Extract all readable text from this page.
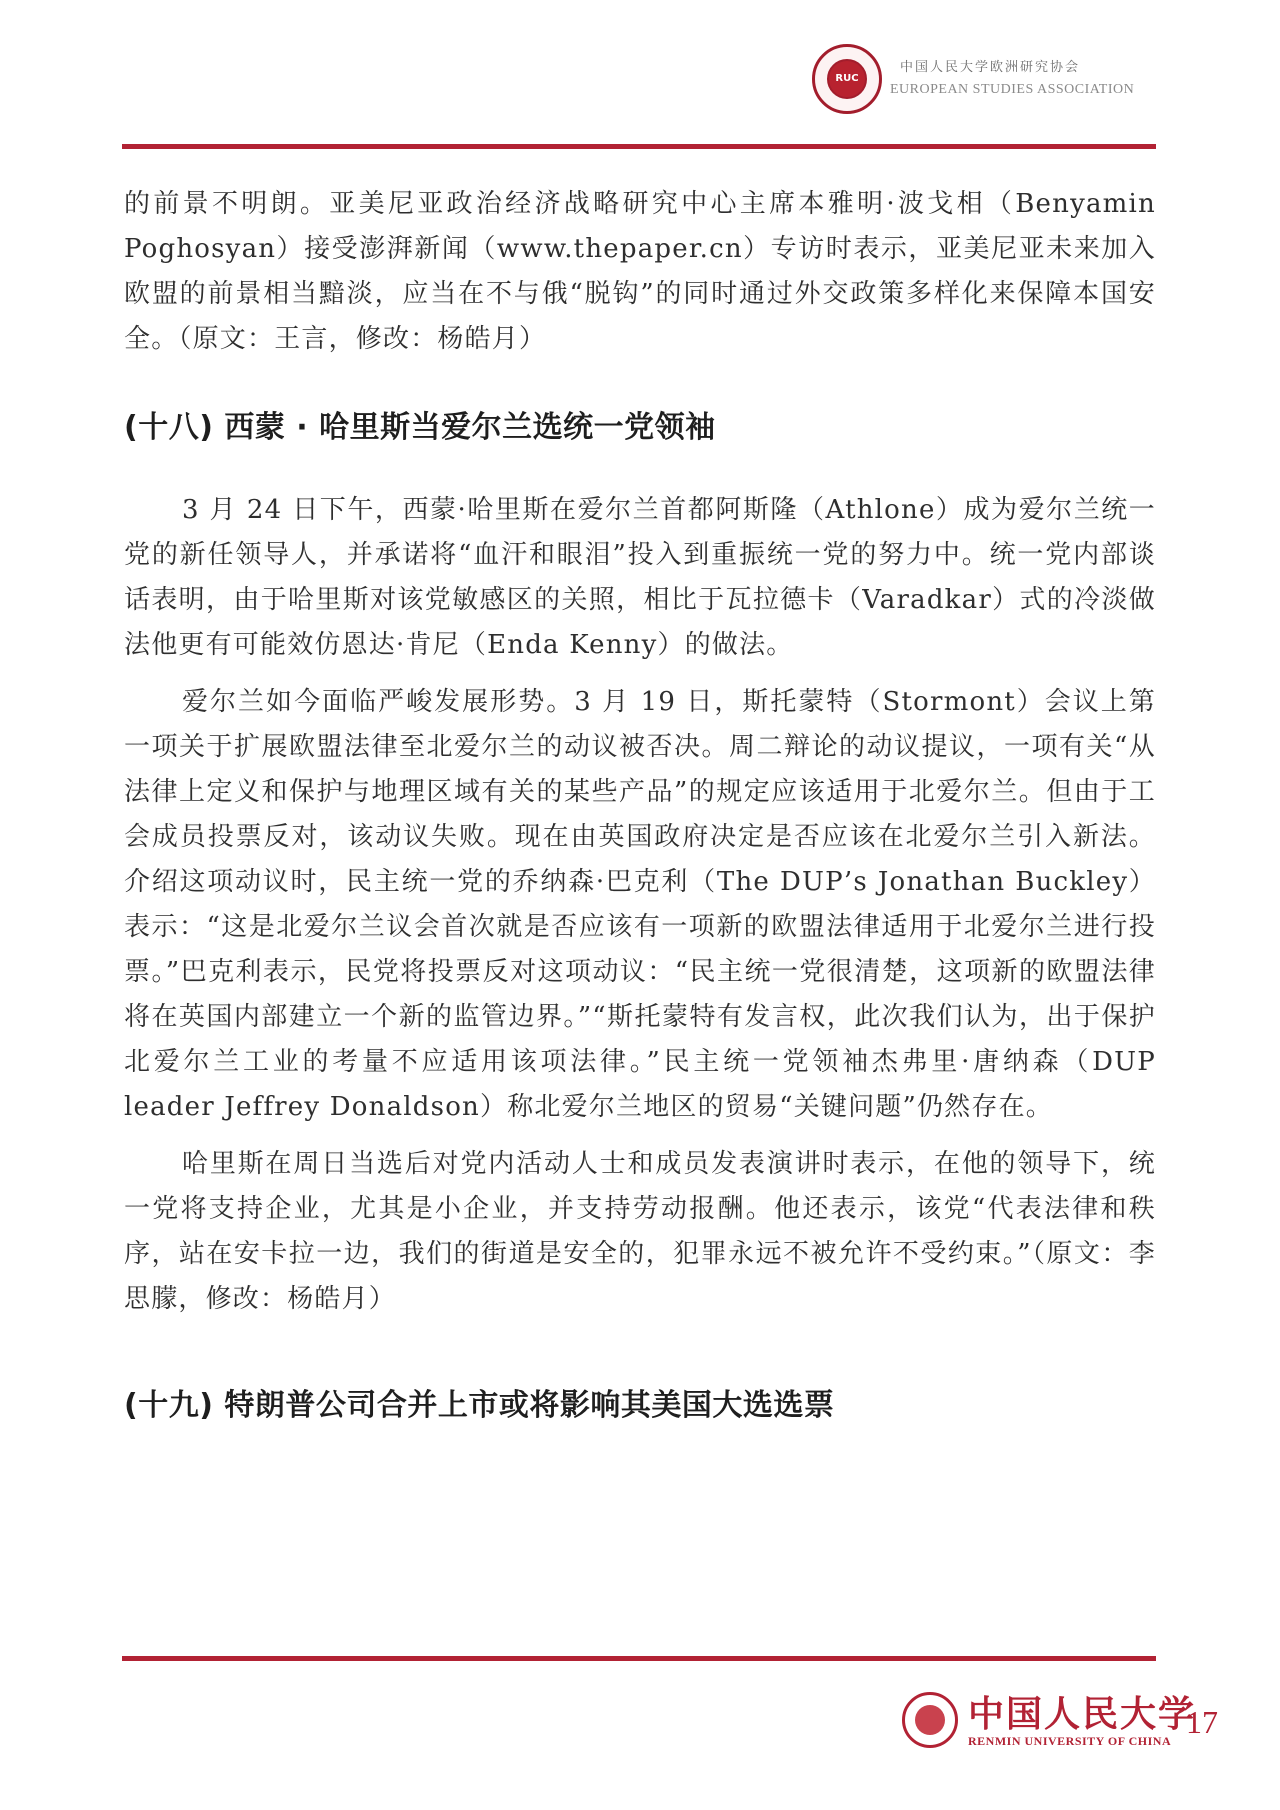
RUC
中国人民大学欧洲研究协会
EUROPEAN STUDIES ASSOCIATION

的前景不明朗。亚美尼亚政治经济战略研究中心主席本雅明·波戈相（Benyamin Poghosyan）接受澎湃新闻（www.thepaper.cn）专访时表示，亚美尼亚未来加入欧盟的前景相当黯淡，应当在不与俄“脱钩”的同时通过外交政策多样化来保障本国安全。（原文：王言，修改：杨皓月）

(十八) 西蒙 · 哈里斯当爱尔兰选统一党领袖

3 月 24 日下午，西蒙·哈里斯在爱尔兰首都阿斯隆（Athlone）成为爱尔兰统一党的新任领导人，并承诺将“血汗和眼泪”投入到重振统一党的努力中。统一党内部谈话表明，由于哈里斯对该党敏感区的关照，相比于瓦拉德卡（Varadkar）式的冷淡做法他更有可能效仿恩达·肯尼（Enda Kenny）的做法。

爱尔兰如今面临严峻发展形势。3 月 19 日，斯托蒙特（Stormont）会议上第一项关于扩展欧盟法律至北爱尔兰的动议被否决。周二辩论的动议提议，一项有关“从法律上定义和保护与地理区域有关的某些产品”的规定应该适用于北爱尔兰。但由于工会成员投票反对，该动议失败。现在由英国政府决定是否应该在北爱尔兰引入新法。介绍这项动议时，民主统一党的乔纳森·巴克利（The DUP’s Jonathan Buckley）表示：“这是北爱尔兰议会首次就是否应该有一项新的欧盟法律适用于北爱尔兰进行投票。”巴克利表示，民党将投票反对这项动议：“民主统一党很清楚，这项新的欧盟法律将在英国内部建立一个新的监管边界。”“斯托蒙特有发言权，此次我们认为，出于保护北爱尔兰工业的考量不应适用该项法律。”民主统一党领袖杰弗里·唐纳森（DUP leader Jeffrey Donaldson）称北爱尔兰地区的贸易“关键问题”仍然存在。

哈里斯在周日当选后对党内活动人士和成员发表演讲时表示，在他的领导下，统一党将支持企业，尤其是小企业，并支持劳动报酬。他还表示，该党“代表法律和秩序，站在安卡拉一边，我们的街道是安全的，犯罪永远不被允许不受约束。”（原文：李思朦，修改：杨皓月）

(十九) 特朗普公司合并上市或将影响其美国大选选票
中国人民大学
RENMIN UNIVERSITY OF CHINA
17
